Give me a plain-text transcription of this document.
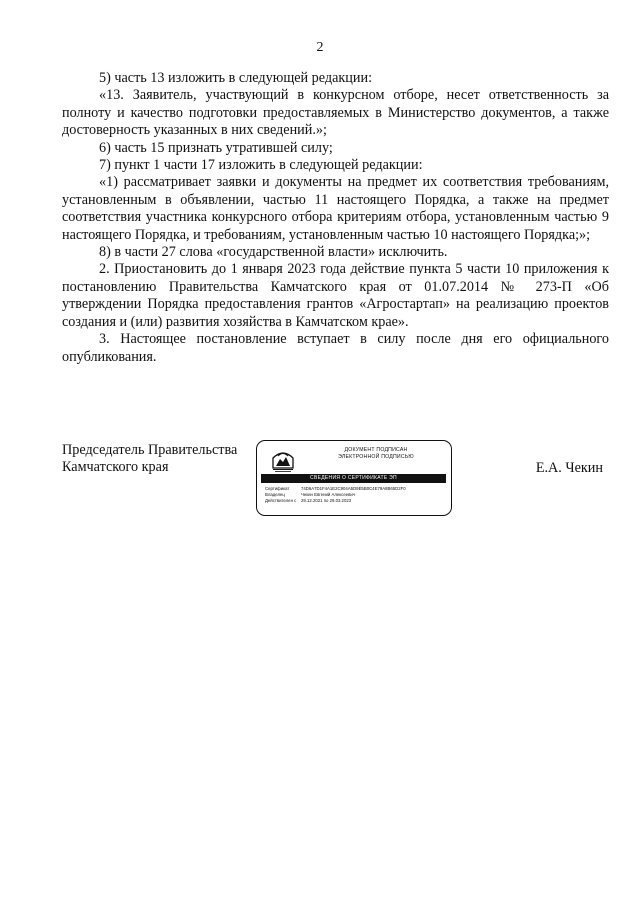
2

5) часть 13 изложить в следующей редакции:

«13. Заявитель, участвующий в конкурсном отборе, несет ответственность за полноту и качество подготовки предоставляемых в Министерство документов, а также достоверность указанных в них сведений.»;

6) часть 15 признать утратившей силу;

7) пункт 1 части 17 изложить в следующей редакции:

«1) рассматривает заявки и документы на предмет их соответствия требованиям, установленным в объявлении, частью 11 настоящего Порядка, а также на предмет соответствия участника конкурсного отбора критериям отбора, установленным частью 9 настоящего Порядка, и требованиям, установленным частью 10 настоящего Порядка;»;

8) в части 27 слова «государственной власти» исключить.

2. Приостановить до 1 января 2023 года действие пункта 5 части 10 приложения к постановлению Правительства Камчатского края от 01.07.2014 № 273-П «Об утверждении Порядка предоставления грантов «Агростартап» на реализацию проектов создания и (или) развития хозяйства в Камчатском крае».

3. Настоящее постановление вступает в силу после дня его официального опубликования.

Председатель Правительства
Камчатского края
ДОКУМЕНТ ПОДПИСАН
ЭЛЕКТРОННОЙ ПОДПИСЬЮ
СВЕДЕНИЯ О СЕРТИФИКАТЕ ЭП
Сертификат	74D6A7D1F4A1E2C904A5D9E5B0C4E79A8B65D2F0
Владелец	Чекин Евгений Алексеевич
Действителен с	29.12.2021 по 29.03.2023
Е.А. Чекин
